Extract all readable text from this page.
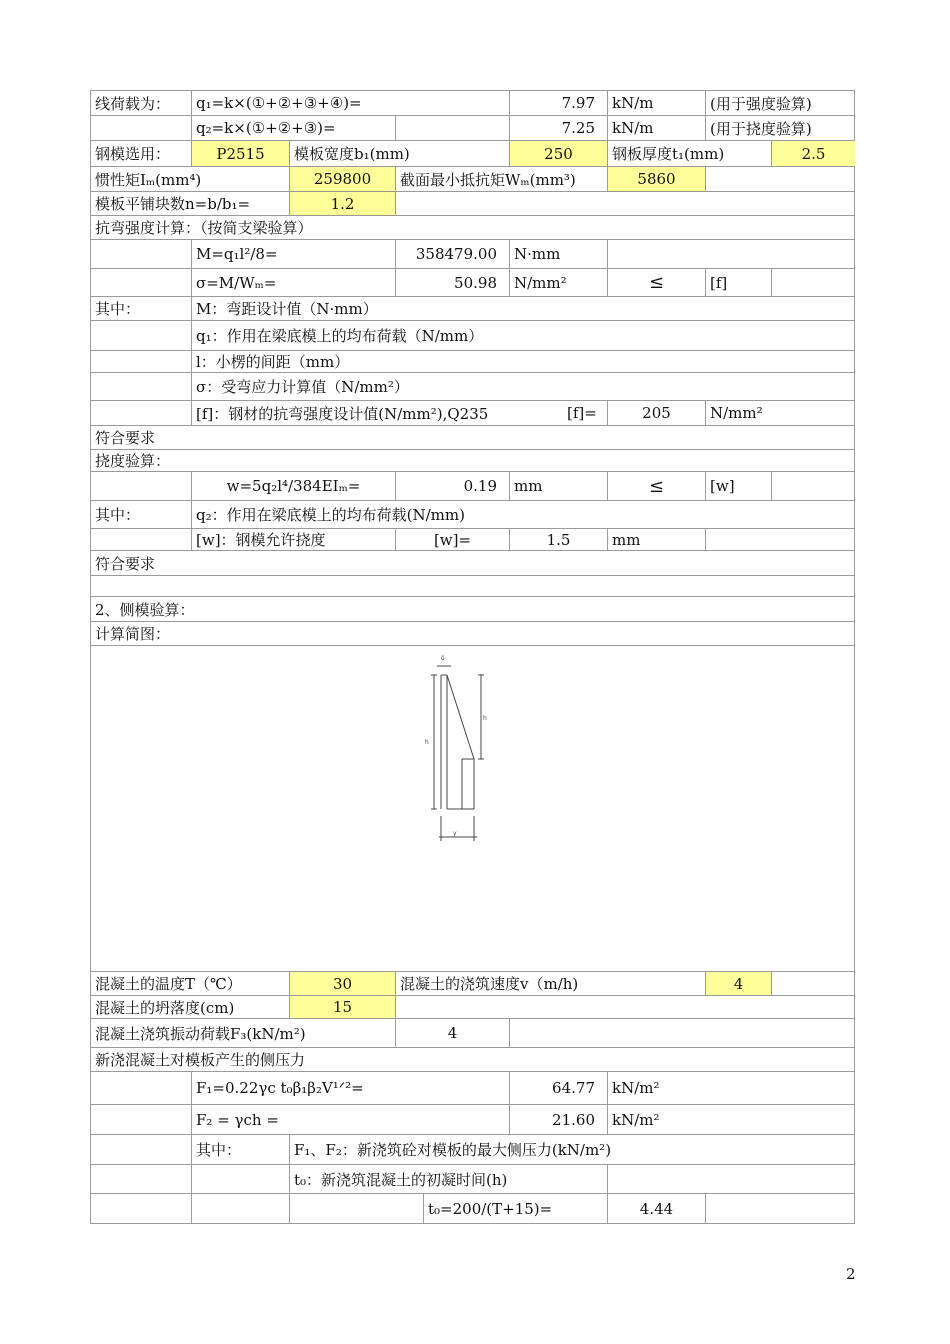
线荷载为：	q₁=k×(①+②+③+④)=	7.97	kN/m	(用于强度验算)
q₂=k×(①+②+③)=	7.25	kN/m	(用于挠度验算)
钢模选用：	P2515	模板宽度b₁(mm)	250	钢板厚度t₁(mm)	2.5
惯性矩Iₘ(mm⁴)	259800	截面最小抵抗矩Wₘ(mm³)	5860
模板平铺块数n=b/b₁=	1.2
抗弯强度计算：（按简支梁验算）
M=q₁l²/8=	358479.00	N·mm
σ=M/Wₘ=	50.98	N/mm²	≤	[f]
其中：	M：弯距设计值（N·mm）
q₁：作用在梁底模上的均布荷载（N/mm）
l：小楞的间距（mm）
σ：受弯应力计算值（N/mm²）
[f]：钢材的抗弯强度设计值(N/mm²),Q235	[f]=	205	N/mm²
符合要求
挠度验算：
w=5q₂l⁴/384EIₘ=	0.19	mm	≤	[w]
其中：	q₂：作用在梁底模上的均布荷载(N/mm)
[w]：钢模允许挠度	[w]=	1.5	mm
符合要求
2、侧模验算：
计算简图：
δ
h
h
γ
混凝土的温度T（℃）	30	混凝土的浇筑速度v（m/h)	4
混凝土的坍落度(cm)	15
混凝土浇筑振动荷载F₃(kN/m²)	4
新浇混凝土对模板产生的侧压力
F₁=0.22γc t₀β₁β₂V¹ᐟ²=	64.77	kN/m²
F₂ = γch =	21.60	kN/m²
其中：	F₁、F₂：新浇筑砼对模板的最大侧压力(kN/m²)
t₀：新浇筑混凝土的初凝时间(h)
t₀=200/(T+15)=	4.44
2
